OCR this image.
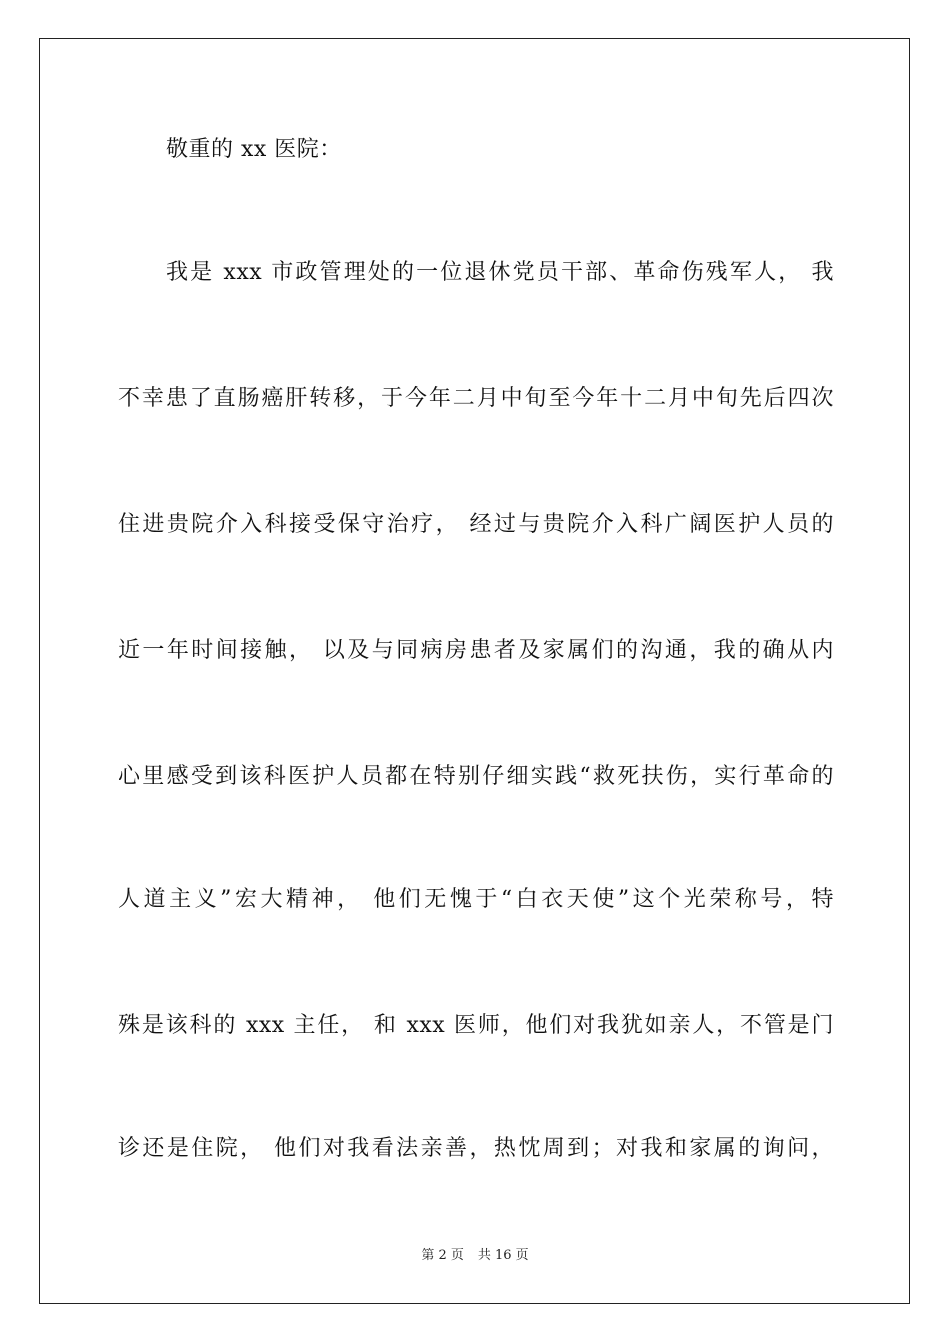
敬重的 xx 医院：
我是 xxx 市政管理处的一位退休党员干部、革命伤残军人， 我
不幸患了直肠癌肝转移，于今年二月中旬至今年十二月中旬先后四次
住进贵院介入科接受保守治疗， 经过与贵院介入科广阔医护人员的
近一年时间接触， 以及与同病房患者及家属们的沟通，我的确从内
心里感受到该科医护人员都在特别仔细实践“救死扶伤，实行革命的
人道主义”宏大精神， 他们无愧于“白衣天使”这个光荣称号，特
殊是该科的 xxx 主任， 和 xxx 医师，他们对我犹如亲人，不管是门
诊还是住院， 他们对我看法亲善，热忱周到；对我和家属的询问，
第 2 页 共 16 页
